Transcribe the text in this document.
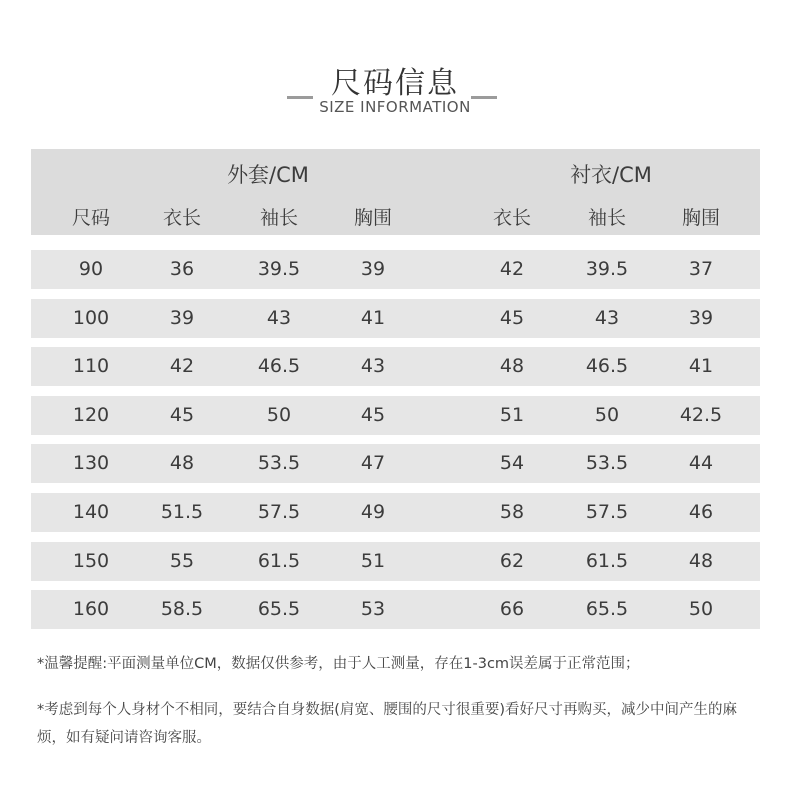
尺码信息
SIZE INFORMATION
外套/CM	衬衣/CM
尺码	衣长	袖长	胸围	衣长	袖长	胸围
90	36	39.5	39	42	39.5	37
100	39	43	41	45	43	39
110	42	46.5	43	48	46.5	41
120	45	50	45	51	50	42.5
130	48	53.5	47	54	53.5	44
140	51.5	57.5	49	58	57.5	46
150	55	61.5	51	62	61.5	48
160	58.5	65.5	53	66	65.5	50
*温馨提醒:平面测量单位CM，数据仅供参考，由于人工测量，存在1-3cm误差属于正常范围；
*考虑到每个人身材个不相同，要结合自身数据(肩宽、腰围的尺寸很重要)看好尺寸再购买，减少中间产生的麻烦，如有疑问请咨询客服。
